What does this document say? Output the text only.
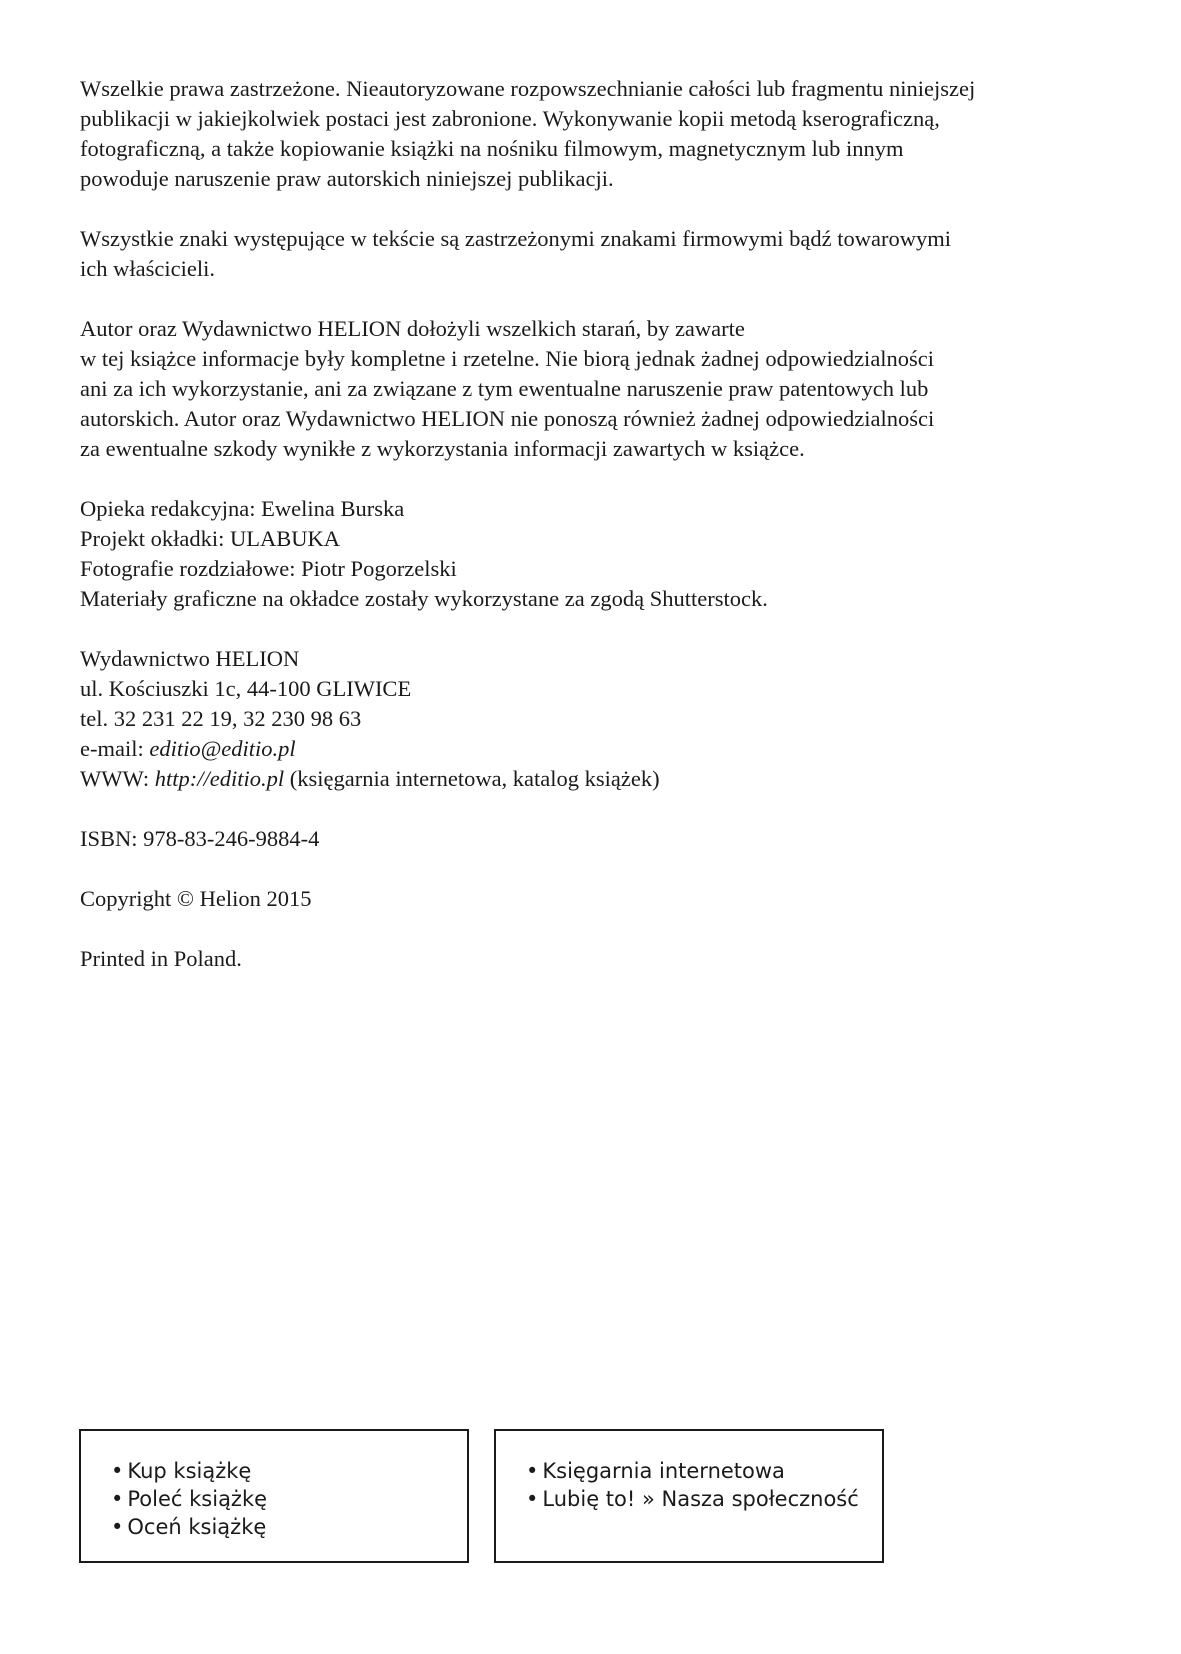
Wszelkie prawa zastrzeżone. Nieautoryzowane rozpowszechnianie całości lub fragmentu niniejszej
publikacji w jakiejkolwiek postaci jest zabronione. Wykonywanie kopii metodą kserograficzną,
fotograficzną, a także kopiowanie książki na nośniku filmowym, magnetycznym lub innym
powoduje naruszenie praw autorskich niniejszej publikacji.

Wszystkie znaki występujące w tekście są zastrzeżonymi znakami firmowymi bądź towarowymi
ich właścicieli.

Autor oraz Wydawnictwo HELION dołożyli wszelkich starań, by zawarte
w tej książce informacje były kompletne i rzetelne. Nie biorą jednak żadnej odpowiedzialności
ani za ich wykorzystanie, ani za związane z tym ewentualne naruszenie praw patentowych lub
autorskich. Autor oraz Wydawnictwo HELION nie ponoszą również żadnej odpowiedzialności
za ewentualne szkody wynikłe z wykorzystania informacji zawartych w książce.

Opieka redakcyjna: Ewelina Burska
Projekt okładki: ULABUKA
Fotografie rozdziałowe: Piotr Pogorzelski
Materiały graficzne na okładce zostały wykorzystane za zgodą Shutterstock.

Wydawnictwo HELION
ul. Kościuszki 1c, 44-100 GLIWICE
tel. 32 231 22 19, 32 230 98 63
e-mail: editio@editio.pl
WWW: http://editio.pl (księgarnia internetowa, katalog książek)

ISBN: 978-83-246-9884-4

Copyright © Helion 2015

Printed in Poland.

• Kup książkę
• Poleć książkę
• Oceń książkę
• Księgarnia internetowa
• Lubię to! » Nasza społeczność
